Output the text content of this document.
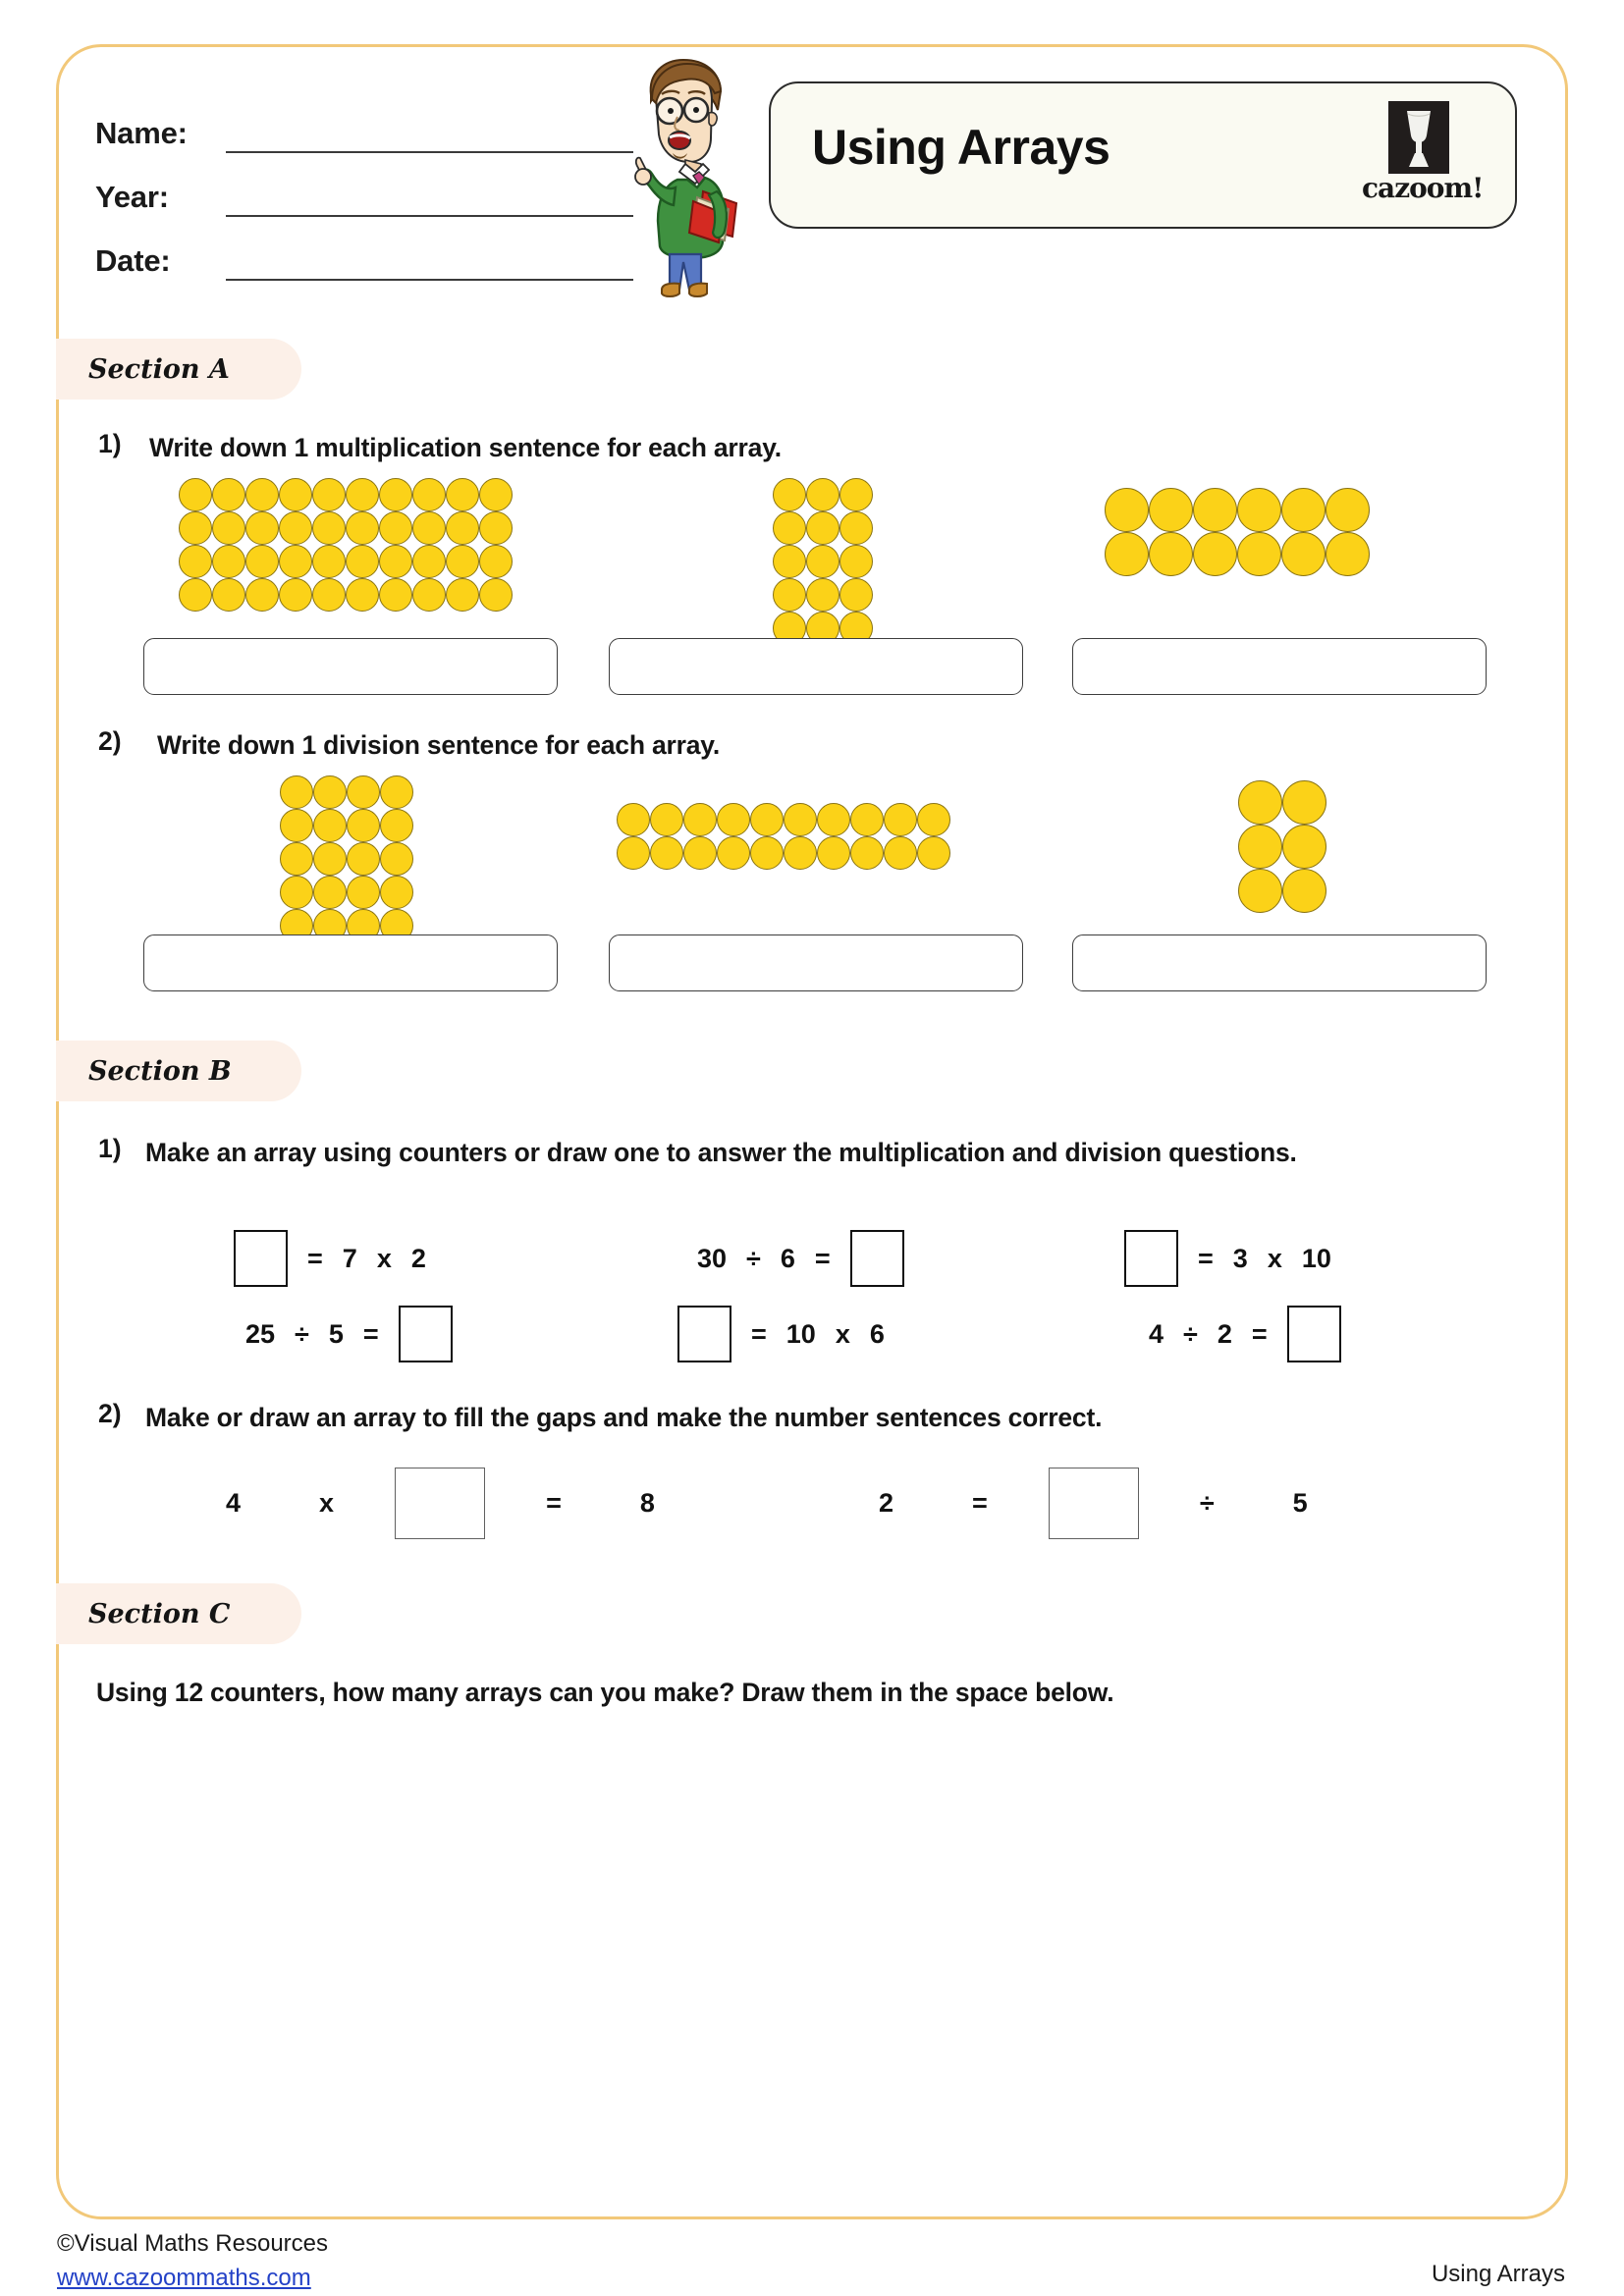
Name:
Year:
Date:
Using Arrays
cazoom!
Section A
1) Write down 1 multiplication sentence for each array.
2) Write down 1 division sentence for each array.
Section B
1) Make an array using counters or draw one to answer the multiplication and division questions.
= 7 x 2	30 ÷ 6 =	= 3 x 10
25 ÷ 5 =	= 10 x 6	4 ÷ 2 =
2) Make or draw an array to fill the gaps and make the number sentences correct.
4	x	=	8	2	=	÷	5
Section C
Using 12 counters, how many arrays can you make? Draw them in the space below.
©Visual Maths Resources
www.cazoommaths.com	Using Arrays
